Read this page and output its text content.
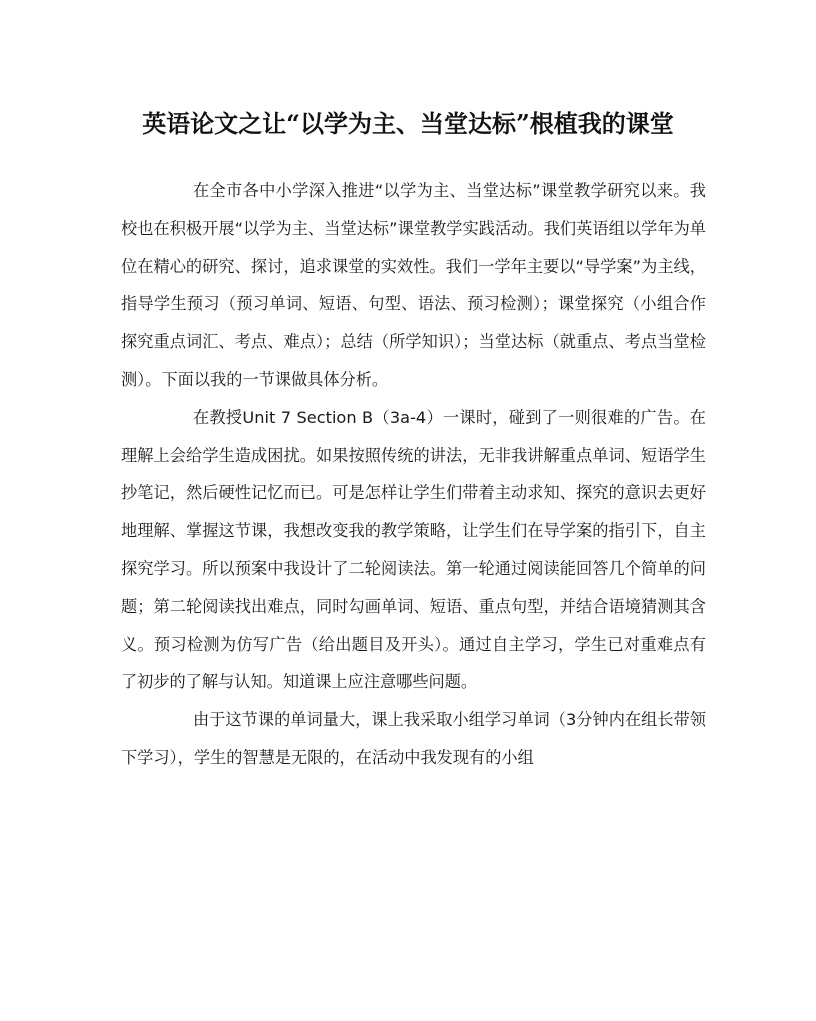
英语论文之让“以学为主、当堂达标”根植我的课堂

在全市各中小学深入推进“以学为主、当堂达标”课堂教学研究以来。我校也在积极开展“以学为主、当堂达标”课堂教学实践活动。我们英语组以学年为单位在精心的研究、探讨，追求课堂的实效性。我们一学年主要以“导学案”为主线，指导学生预习（预习单词、短语、句型、语法、预习检测）；课堂探究（小组合作探究重点词汇、考点、难点）；总结（所学知识）；当堂达标（就重点、考点当堂检测）。下面以我的一节课做具体分析。

在教授Unit 7 Section B（3a-4）一课时，碰到了一则很难的广告。在理解上会给学生造成困扰。如果按照传统的讲法，无非我讲解重点单词、短语学生抄笔记，然后硬性记忆而已。可是怎样让学生们带着主动求知、探究的意识去更好地理解、掌握这节课，我想改变我的教学策略，让学生们在导学案的指引下，自主探究学习。所以预案中我设计了二轮阅读法。第一轮通过阅读能回答几个简单的问题；第二轮阅读找出难点，同时勾画单词、短语、重点句型，并结合语境猜测其含义。预习检测为仿写广告（给出题目及开头）。通过自主学习，学生已对重难点有了初步的了解与认知。知道课上应注意哪些问题。

由于这节课的单词量大，课上我采取小组学习单词（3分钟内在组长带领下学习），学生的智慧是无限的，在活动中我发现有的小组
